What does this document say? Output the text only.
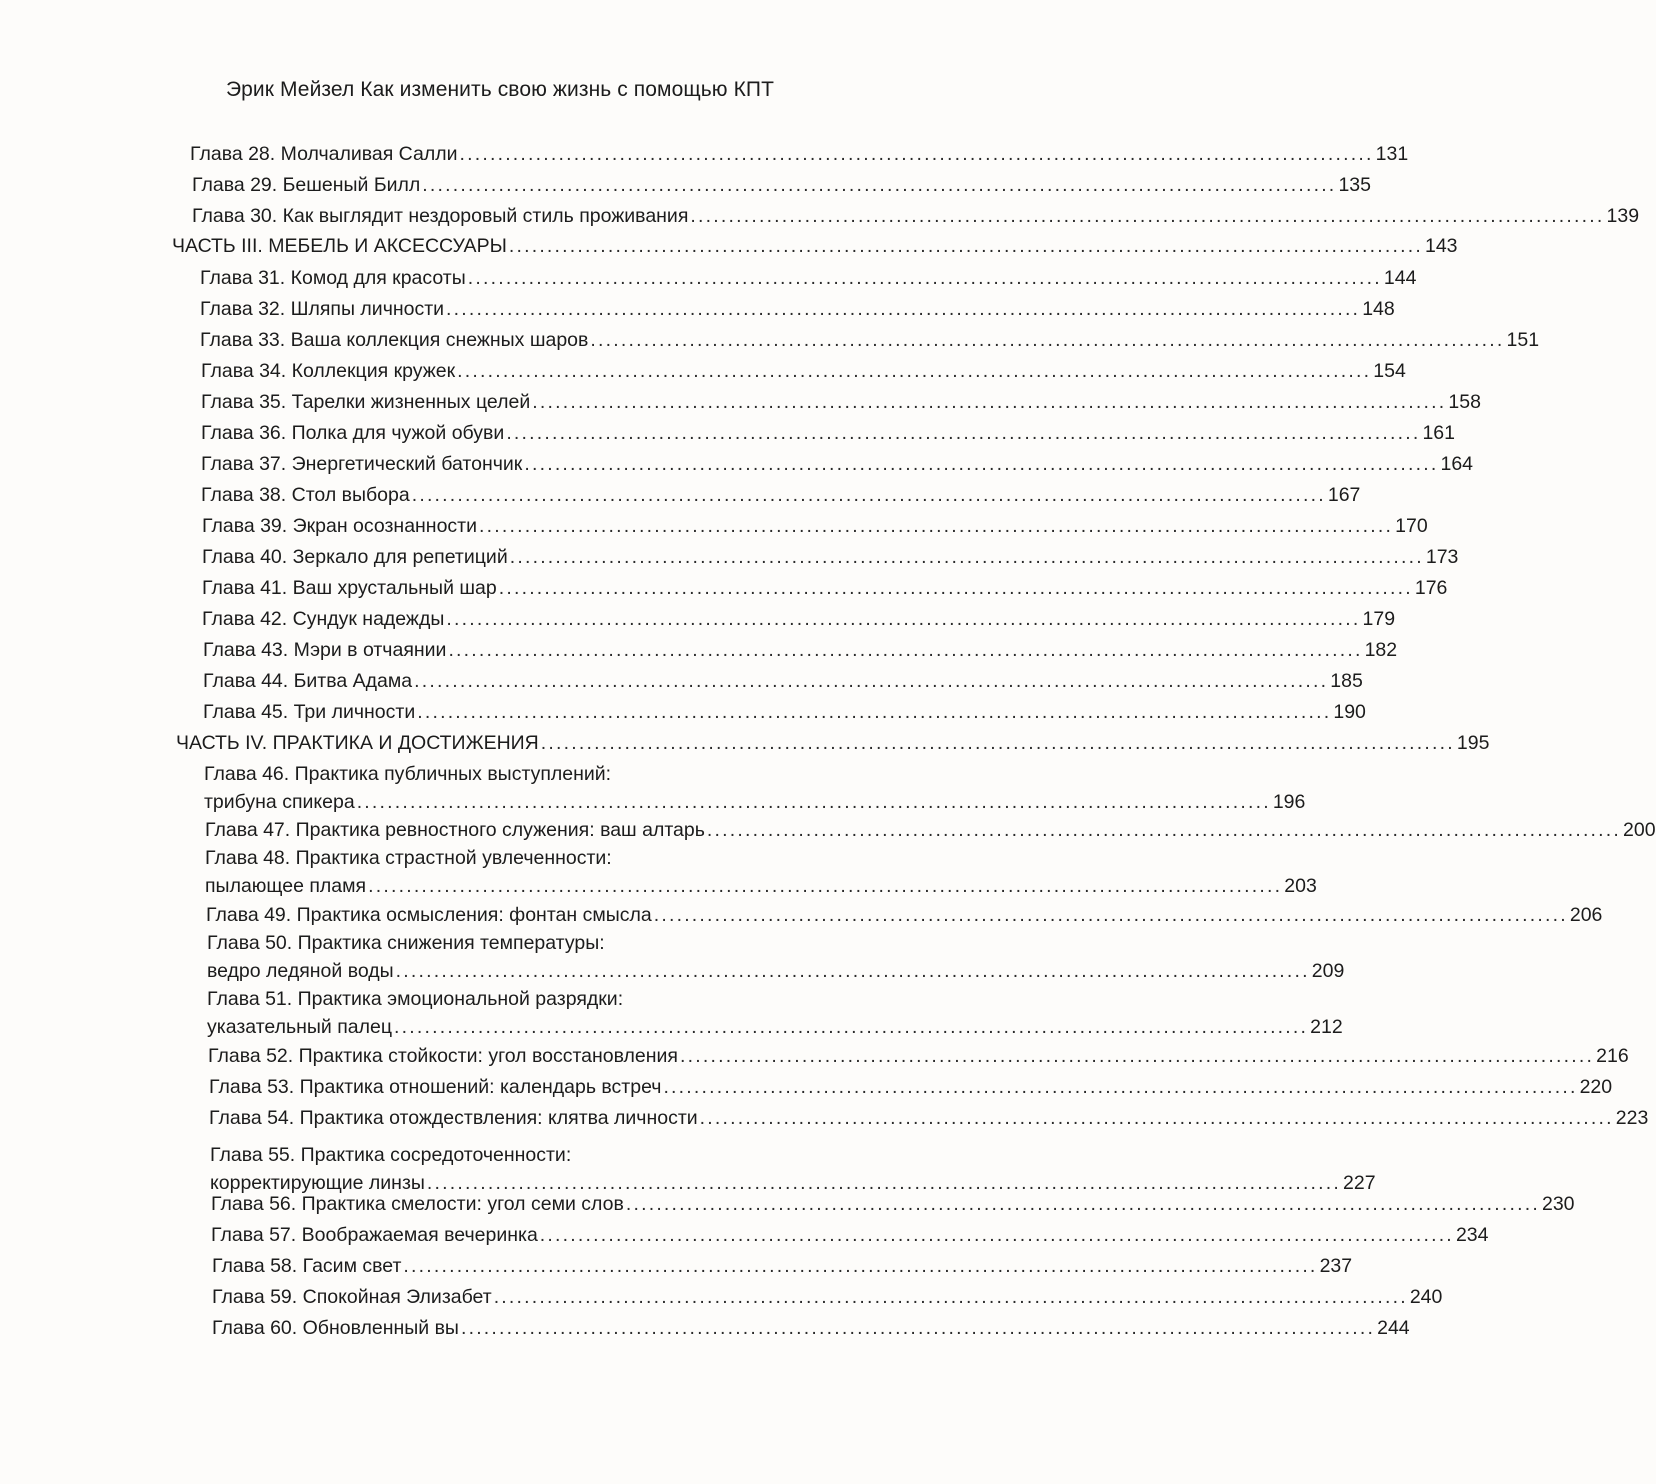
Эрик Мейзел Как изменить свою жизнь с помощью КПТ
Глава 28. Молчаливая Салли ........................................................................................................................ 131
Глава 29. Бешеный Билл ........................................................................................................................ 135
Глава 30. Как выглядит нездоровый стиль проживания ........................................................................................................................ 139
ЧАСТЬ III. МЕБЕЛЬ И АКСЕССУАРЫ ........................................................................................................................ 143
Глава 31. Комод для красоты ........................................................................................................................ 144
Глава 32. Шляпы личности ........................................................................................................................ 148
Глава 33. Ваша коллекция снежных шаров ........................................................................................................................ 151
Глава 34. Коллекция кружек ........................................................................................................................ 154
Глава 35. Тарелки жизненных целей ........................................................................................................................ 158
Глава 36. Полка для чужой обуви ........................................................................................................................ 161
Глава 37. Энергетический батончик ........................................................................................................................ 164
Глава 38. Стол выбора ........................................................................................................................ 167
Глава 39. Экран осознанности ........................................................................................................................ 170
Глава 40. Зеркало для репетиций ........................................................................................................................ 173
Глава 41. Ваш хрустальный шар ........................................................................................................................ 176
Глава 42. Сундук надежды ........................................................................................................................ 179
Глава 43. Мэри в отчаянии ........................................................................................................................ 182
Глава 44. Битва Адама ........................................................................................................................ 185
Глава 45. Три личности ........................................................................................................................ 190
ЧАСТЬ IV. ПРАКТИКА И ДОСТИЖЕНИЯ ........................................................................................................................ 195
Глава 46. Практика публичных выступлений:
трибуна спикера ........................................................................................................................ 196
Глава 47. Практика ревностного служения: ваш алтарь ........................................................................................................................ 200
Глава 48. Практика страстной увлеченности:
пылающее пламя ........................................................................................................................ 203
Глава 49. Практика осмысления: фонтан смысла ........................................................................................................................ 206
Глава 50. Практика снижения температуры:
ведро ледяной воды ........................................................................................................................ 209
Глава 51. Практика эмоциональной разрядки:
указательный палец ........................................................................................................................ 212
Глава 52. Практика стойкости: угол восстановления ........................................................................................................................ 216
Глава 53. Практика отношений: календарь встреч ........................................................................................................................ 220
Глава 54. Практика отождествления: клятва личности ........................................................................................................................ 223
Глава 55. Практика сосредоточенности:
корректирующие линзы ........................................................................................................................ 227
Глава 56. Практика смелости: угол семи слов ........................................................................................................................ 230
Глава 57. Воображаемая вечеринка ........................................................................................................................ 234
Глава 58. Гасим свет ........................................................................................................................ 237
Глава 59. Спокойная Элизабет ........................................................................................................................ 240
Глава 60. Обновленный вы ........................................................................................................................ 244
